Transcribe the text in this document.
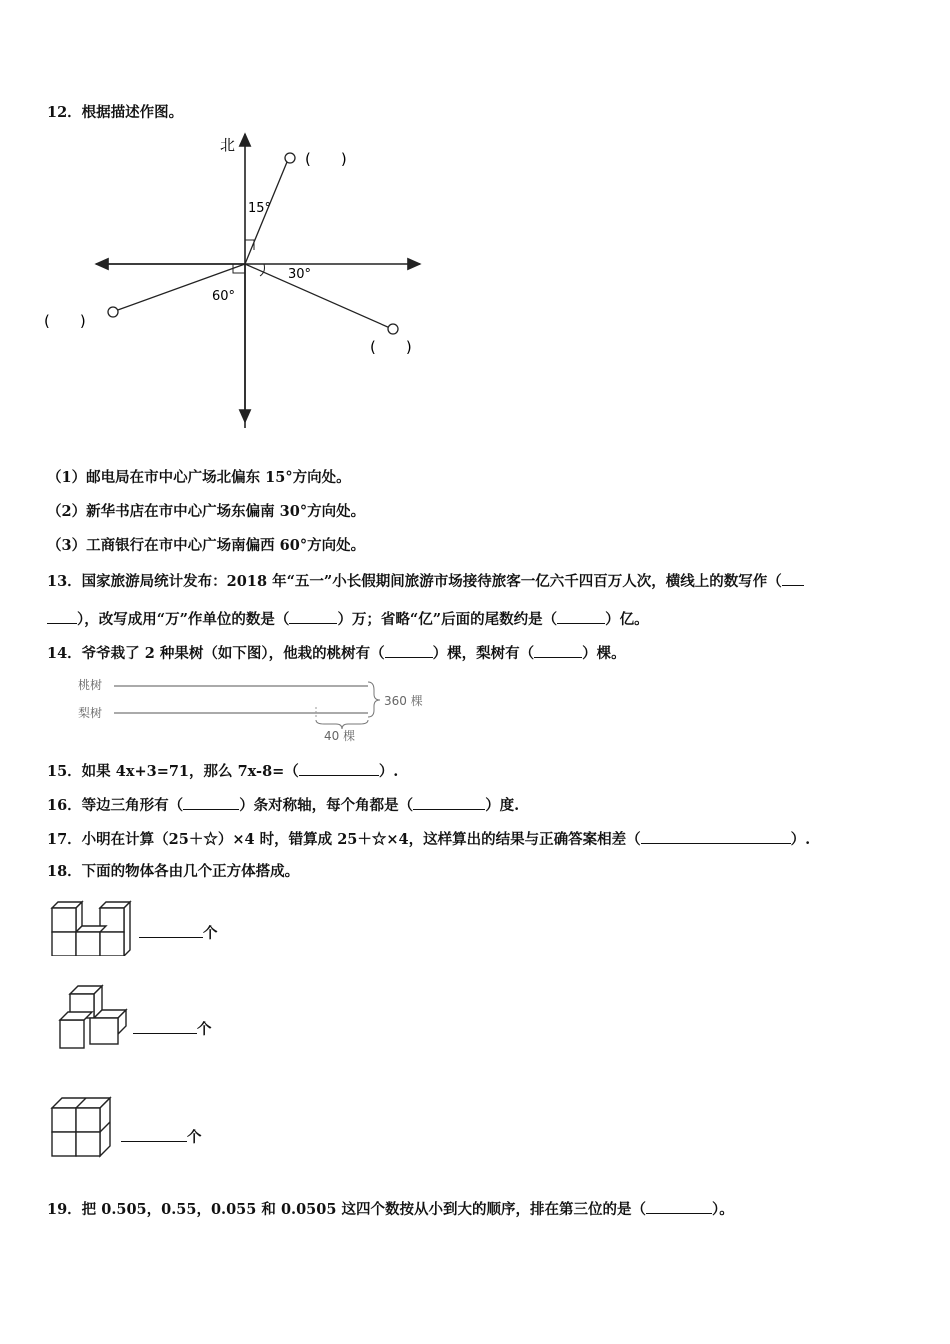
12．根据描述作图。
北
15°
30°
60°
(　　)
(　　)
(　　)
（1）邮电局在市中心广场北偏东 15°方向处。
（2）新华书店在市中心广场东偏南 30°方向处。
（3）工商银行在市中心广场南偏西 60°方向处。
13．国家旅游局统计发布：2018 年“五一”小长假期间旅游市场接待旅客一亿六千四百万人次，横线上的数写作（
），改写成用“万”作单位的数是（	）万；省略“亿”后面的尾数约是（	）亿。
14．爷爷栽了 2 种果树（如下图），他栽的桃树有（	）棵，梨树有（	）棵。
桃树
梨树
360 棵
40 棵
15．如果 4x+3=71，那么 7x-8=（	）.
16．等边三角形有（	）条对称轴，每个角都是（	）度.
17．小明在计算（25＋☆）×4 时，错算成 25＋☆×4，这样算出的结果与正确答案相差（	）.
18．下面的物体各由几个正方体搭成。
个
个
个
19．把 0.505，0.55，0.055 和 0.0505 这四个数按从小到大的顺序，排在第三位的是（	）。
